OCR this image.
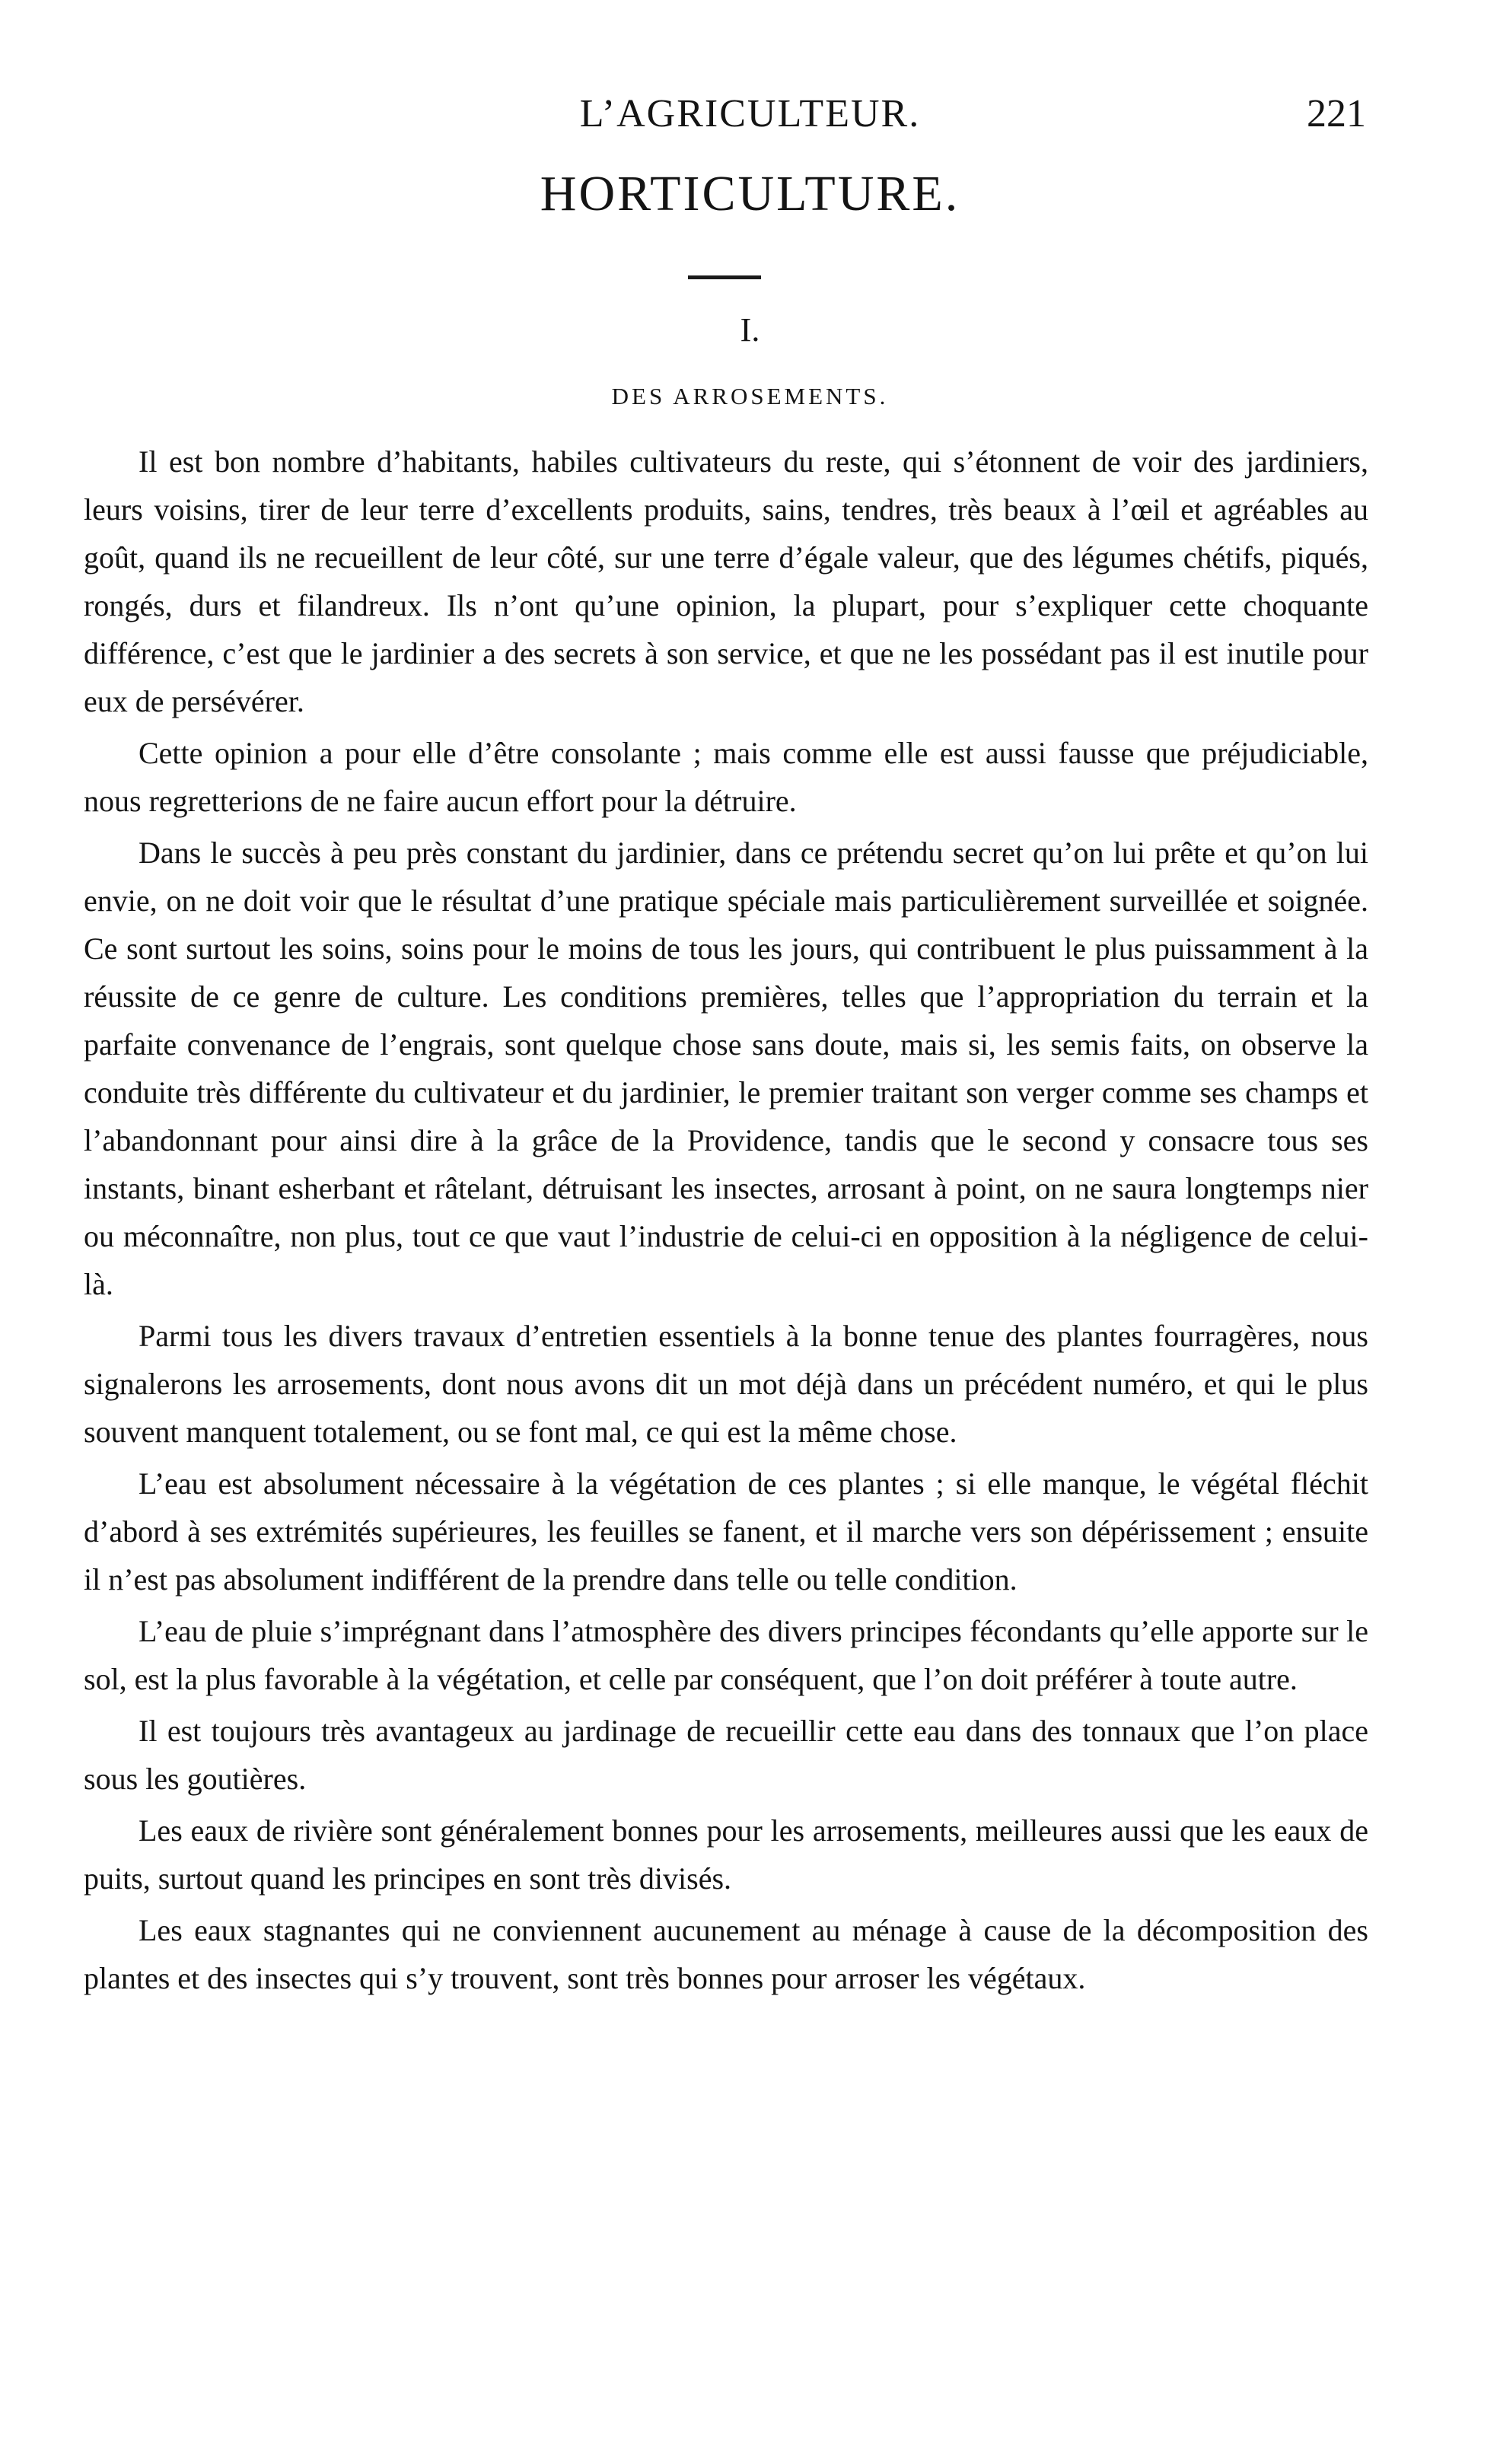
L’AGRICULTEUR.	221
HORTICULTURE.
I.
DES ARROSEMENTS.

Il est bon nombre d’habitants, habiles cultivateurs du reste, qui s’étonnent de voir des jardiniers, leurs voisins, tirer de leur terre d’excellents produits, sains, tendres, très beaux à l’œil et agréables au goût, quand ils ne recueillent de leur côté, sur une terre d’égale valeur, que des légumes chétifs, piqués, rongés, durs et filandreux. Ils n’ont qu’une opinion, la plupart, pour s’expliquer cette choquante différence, c’est que le jardinier a des secrets à son service, et que ne les possédant pas il est inutile pour eux de persévérer.

Cette opinion a pour elle d’être consolante ; mais comme elle est aussi fausse que préjudiciable, nous regretterions de ne faire aucun effort pour la détruire.

Dans le succès à peu près constant du jardinier, dans ce prétendu secret qu’on lui prête et qu’on lui envie, on ne doit voir que le résultat d’une pratique spéciale mais particulièrement surveillée et soignée. Ce sont surtout les soins, soins pour le moins de tous les jours, qui contribuent le plus puissamment à la réussite de ce genre de culture. Les conditions premières, telles que l’appropriation du terrain et la parfaite convenance de l’engrais, sont quelque chose sans doute, mais si, les semis faits, on observe la conduite très différente du cultivateur et du jardinier, le premier traitant son verger comme ses champs et l’abandonnant pour ainsi dire à la grâce de la Providence, tandis que le second y consacre tous ses instants, binant esherbant et râtelant, détruisant les insectes, arrosant à point, on ne saura longtemps nier ou méconnaître, non plus, tout ce que vaut l’industrie de celui-ci en opposition à la négligence de celui-là.

Parmi tous les divers travaux d’entretien essentiels à la bonne tenue des plantes fourragères, nous signalerons les arrosements, dont nous avons dit un mot déjà dans un précédent numéro, et qui le plus souvent manquent totalement, ou se font mal, ce qui est la même chose.

L’eau est absolument nécessaire à la végétation de ces plantes ; si elle manque, le végétal fléchit d’abord à ses extrémités supérieures, les feuilles se fanent, et il marche vers son dépérissement ; ensuite il n’est pas absolument indifférent de la prendre dans telle ou telle condition.

L’eau de pluie s’imprégnant dans l’atmosphère des divers principes fécondants qu’elle apporte sur le sol, est la plus favorable à la végétation, et celle par conséquent, que l’on doit préférer à toute autre.

Il est toujours très avantageux au jardinage de recueillir cette eau dans des tonnaux que l’on place sous les goutières.

Les eaux de rivière sont généralement bonnes pour les arrosements, meilleures aussi que les eaux de puits, surtout quand les principes en sont très divisés.

Les eaux stagnantes qui ne conviennent aucunement au ménage à cause de la décomposition des plantes et des insectes qui s’y trouvent, sont très bonnes pour arroser les végétaux.
